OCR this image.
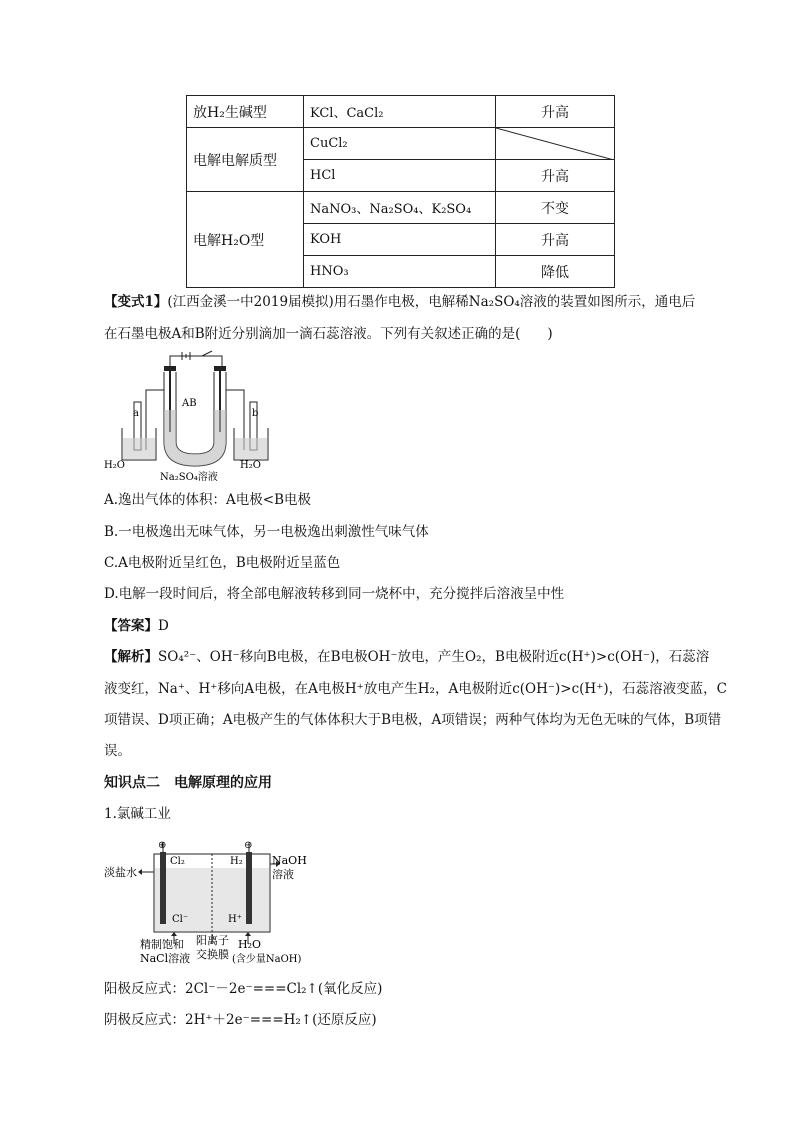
放H₂生碱型	KCl、CaCl₂	升高
电解电解质型	CuCl₂	

	HCl	升高
电解H₂O型	NaNO₃、Na₂SO₄、K₂SO₄	不变
	KOH	升高
	HNO₃	降低
【变式1】(江西金溪一中2019届模拟)用石墨作电极，电解稀Na₂SO₄溶液的装置如图所示，通电后
在石墨电极A和B附近分别滴加一滴石蕊溶液。下列有关叙述正确的是(　　)
a	b
AB
H₂O	H₂O
Na₂SO₄溶液
A.逸出气体的体积：A电极<B电极
B.一电极逸出无味气体，另一电极逸出刺激性气味气体
C.A电极附近呈红色，B电极附近呈蓝色
D.电解一段时间后，将全部电解液转移到同一烧杯中，充分搅拌后溶液呈中性
【答案】D
【解析】SO₄²⁻、OH⁻移向B电极，在B电极OH⁻放电，产生O₂，B电极附近c(H⁺)>c(OH⁻)，石蕊溶
液变红，Na⁺、H⁺移向A电极，在A电极H⁺放电产生H₂，A电极附近c(OH⁻)>c(H⁺)，石蕊溶液变蓝，C
项错误、D项正确；A电极产生的气体体积大于B电极，A项错误；两种气体均为无色无味的气体，B项错
误。
知识点二　电解原理的应用
1.氯碱工业
⊕	⊖
Cl₂	H₂
Cl⁻	H⁺
淡盐水
NaOH
溶液
精制饱和
NaCl溶液
阳离子
交换膜
H₂O
(含少量NaOH)
阳极反应式：2Cl⁻－2e⁻===Cl₂↑(氧化反应)
阴极反应式：2H⁺＋2e⁻===H₂↑(还原反应)
